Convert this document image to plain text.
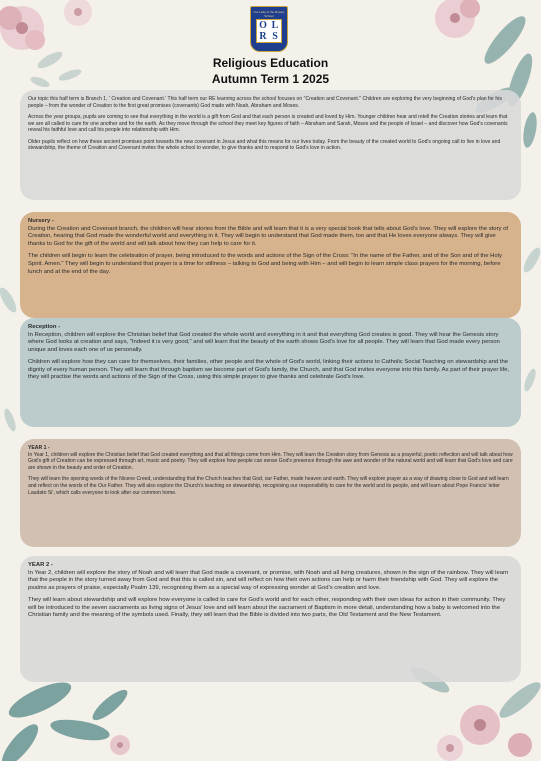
Our Lady of the Rosary School
O L
R S
Religious Education
Autumn Term 1 2025

Our topic this half term is Branch 1, ' Creation and Covenant.' This half term our RE learning across the school focuses on "Creation and Covenant." Children are exploring the very beginning of God's plan for his people – from the wonder of Creation to the first great promises (covenants) God made with Noah, Abraham and Moses.

Across the year groups, pupils are coming to see that everything in the world is a gift from God and that each person is created and loved by Him. Younger children hear and retell the Creation stories and learn that we are all called to care for one another and for the earth. As they move through the school they meet key figures of faith – Abraham and Sarah, Moses and the people of Israel – and discover how God's covenants reveal his faithful love and call his people into relationship with Him.

Older pupils reflect on how these ancient promises point towards the new covenant in Jesus and what this means for our lives today. From the beauty of the created world to God's ongoing call to live in love and stewardship, the theme of Creation and Covenant invites the whole school to wonder, to give thanks and to respond to God's love in action.

Nursery -

During the Creation and Covenant branch, the children will hear stories from the Bible and will learn that it is a very special book that tells about God's love. They will explore the story of Creation, hearing that God made the wonderful world and everything in it. They will begin to understand that God made them, too and that He loves everyone always. They will give thanks to God for the gift of the world and will talk about how they can help to care for it.

The children will begin to learn the celebration of prayer, being introduced to the words and actions of the Sign of the Cross: "In the name of the Father, and of the Son and of the Holy Spirit. Amen." They will begin to understand that prayer is a time for stillness – talking to God and being with Him – and will begin to learn simple class prayers for the morning, before lunch and at the end of the day.

Reception -

In Reception, children will explore the Christian belief that God created the whole world and everything in it and that everything God creates is good. They will hear the Genesis story where God looks at creation and says, "Indeed it is very good," and will learn that the beauty of the earth shows God's love for all people. They will learn that God made every person unique and loves each one of us personally.

Children will explore how they can care for themselves, their families, other people and the whole of God's world, linking their actions to Catholic Social Teaching on stewardship and the dignity of every human person. They will learn that through baptism we become part of God's family, the Church, and that God invites everyone into this family. As part of their prayer life, they will practise the words and actions of the Sign of the Cross, using this simple prayer to give thanks and celebrate God's love.

YEAR 1 -

In Year 1, children will explore the Christian belief that God created everything and that all things come from Him. They will learn the Creation story from Genesis as a prayerful, poetic reflection and will talk about how God's gift of Creation can be expressed through art, music and poetry. They will explore how people can sense God's presence through the awe and wonder of the natural world and will learn that God's love and care are shown in the beauty and order of Creation.

They will learn the opening words of the Nicene Creed, understanding that the Church teaches that God, our Father, made heaven and earth. They will explore prayer as a way of drawing close to God and will learn and reflect on the words of the Our Father. They will also explore the Church's teaching on stewardship, recognising our responsibility to care for the world and its people, and will learn about Pope Francis' letter Laudato Si', which calls everyone to look after our common home.

YEAR 2 -

In Year 2, children will explore the story of Noah and will learn that God made a covenant, or promise, with Noah and all living creatures, shown in the sign of the rainbow. They will learn that the people in the story turned away from God and that this is called sin, and will reflect on how their own actions can help or harm their friendship with God. They will explore the psalms as prayers of praise, especially Psalm 139, recognising them as a special way of expressing wonder at God's creation and love.

They will learn about stewardship and will explore how everyone is called to care for God's world and for each other, responding with their own ideas for action in their community. They will be introduced to the seven sacraments as living signs of Jesus' love and will learn about the sacrament of Baptism in more detail, understanding how a baby is welcomed into the Christian family and the meaning of the symbols used. Finally, they will learn that the Bible is divided into two parts, the Old Testament and the New Testament.
